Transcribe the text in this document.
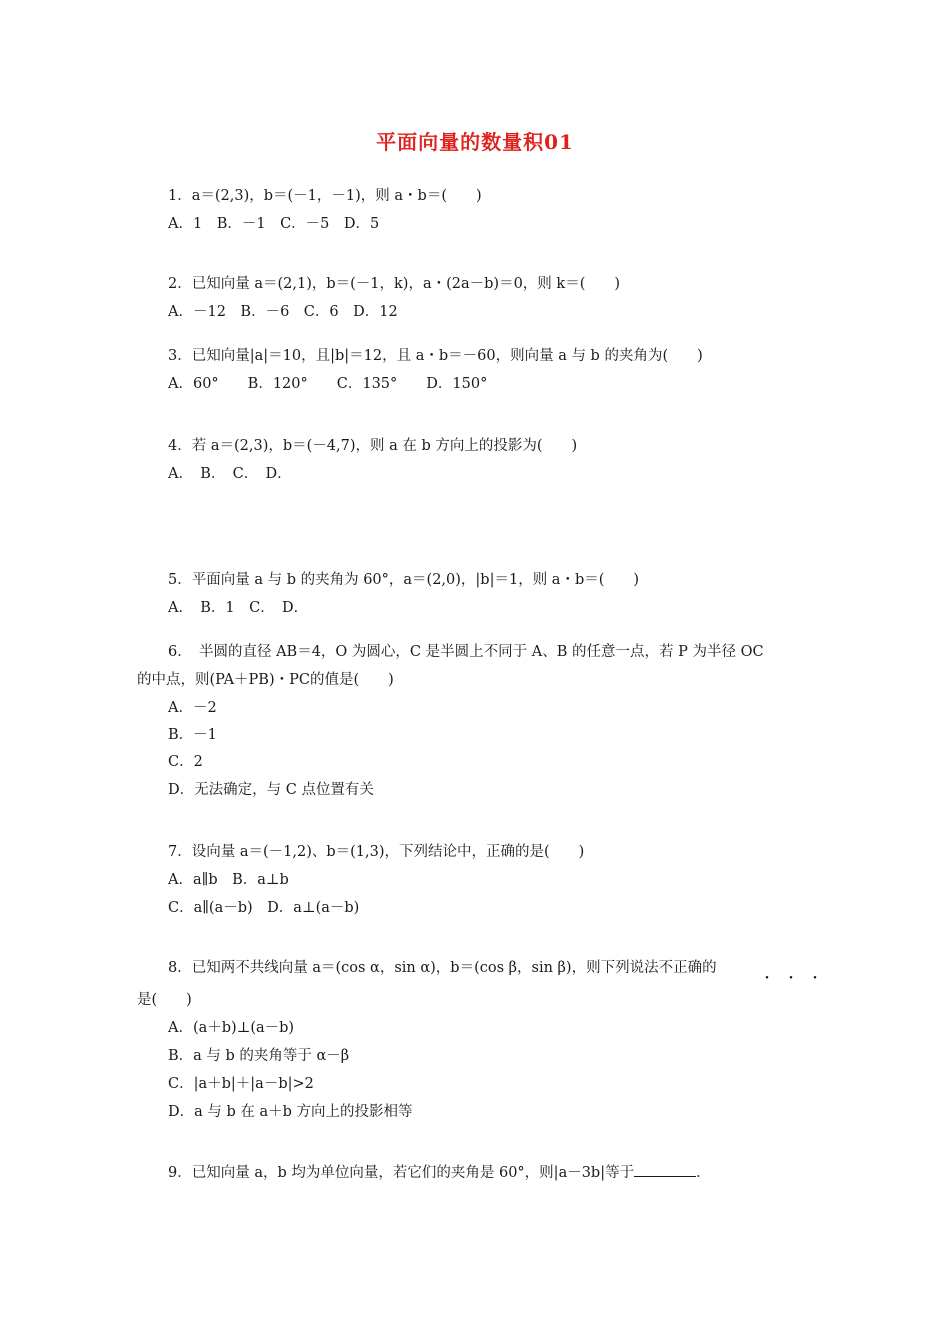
平面向量的数量积01
1．a＝(2,3)，b＝(－1，－1)，则 a・b＝(　　)
A．1　B．－1　C．－5　D．5
2．已知向量 a＝(2,1)，b＝(－1，k)，a・(2a－b)＝0，则 k＝(　　)
A．－12　B．－6　C．6　D．12
3．已知向量|a|＝10，且|b|＝12，且 a・b＝－60，则向量 a 与 b 的夹角为(　　)
A．60°　　B．120°　　C．135°　　D．150°
4．若 a＝(2,3)，b＝(－4,7)，则 a 在 b 方向上的投影为(　　)
A．　B．　C．　D．
5．平面向量 a 与 b 的夹角为 60°，a＝(2,0)，|b|＝1，则 a・b＝(　　)
A．　B．1　C．　D．
6．　半圆的直径 AB＝4，O 为圆心，C 是半圆上不同于 A、B 的任意一点，若 P 为半径 OC
的中点，则(PA＋PB)・PC的值是(　　)
A．－2
B．－1
C．2
D．无法确定，与 C 点位置有关
7．设向量 a＝(－1,2)、b＝(1,3)，下列结论中，正确的是(　　)
A．a∥b　B．a⊥b
C．a∥(a－b)　D．a⊥(a－b)
8．已知两不共线向量 a＝(cos α，sin α)，b＝(cos β，sin β)，则下列说法不正确的
・・・
是(　　)
A．(a＋b)⊥(a－b)
B．a 与 b 的夹角等于 α－β
C．|a＋b|＋|a－b|>2
D．a 与 b 在 a＋b 方向上的投影相等
9．已知向量 a，b 均为单位向量，若它们的夹角是 60°，则|a－3b|等于	．
